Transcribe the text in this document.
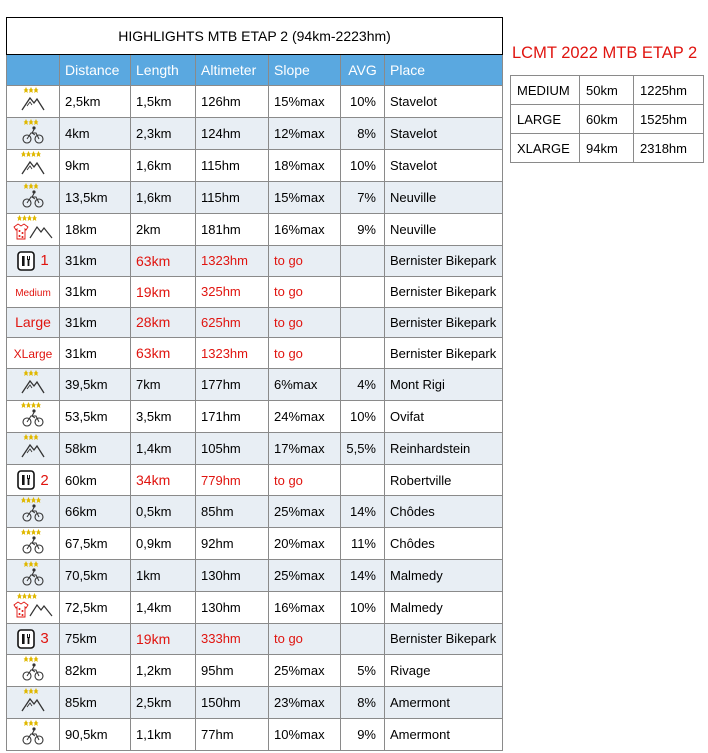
HIGHLIGHTS MTB ETAP 2 (94km-2223hm)						
	Distance	Length	Altimeter	Slope	AVG	Place

	2,5km	1,5km	126hm	15%max	10%	Stavelot

	4km	2,3km	124hm	12%max	8%	Stavelot

	9km	1,6km	115hm	18%max	10%	Stavelot

	13,5km	1,6km	115hm	15%max	7%	Neuville

	18km	2km	181hm	16%max	9%	Neuville

1	31km	63km	1323hm	to go		Bernister Bikepark
Medium	31km	19km	325hm	to go		Bernister Bikepark
Large	31km	28km	625hm	to go		Bernister Bikepark
XLarge	31km	63km	1323hm	to go		Bernister Bikepark

	39,5km	7km	177hm	6%max	4%	Mont Rigi

	53,5km	3,5km	171hm	24%max	10%	Ovifat

	58km	1,4km	105hm	17%max	5,5%	Reinhardstein

2	60km	34km	779hm	to go		Robertville

	66km	0,5km	85hm	25%max	14%	Chôdes

	67,5km	0,9km	92hm	20%max	11%	Chôdes

	70,5km	1km	130hm	25%max	14%	Malmedy

	72,5km	1,4km	130hm	16%max	10%	Malmedy

3	75km	19km	333hm	to go		Bernister Bikepark

	82km	1,2km	95hm	25%max	5%	Rivage

	85km	2,5km	150hm	23%max	8%	Amermont

	90,5km	1,1km	77hm	10%max	9%	Amermont
LCMT 2022 MTB ETAP 2
MEDIUM	50km	1225hm
LARGE	60km	1525hm
XLARGE	94km	2318hm
